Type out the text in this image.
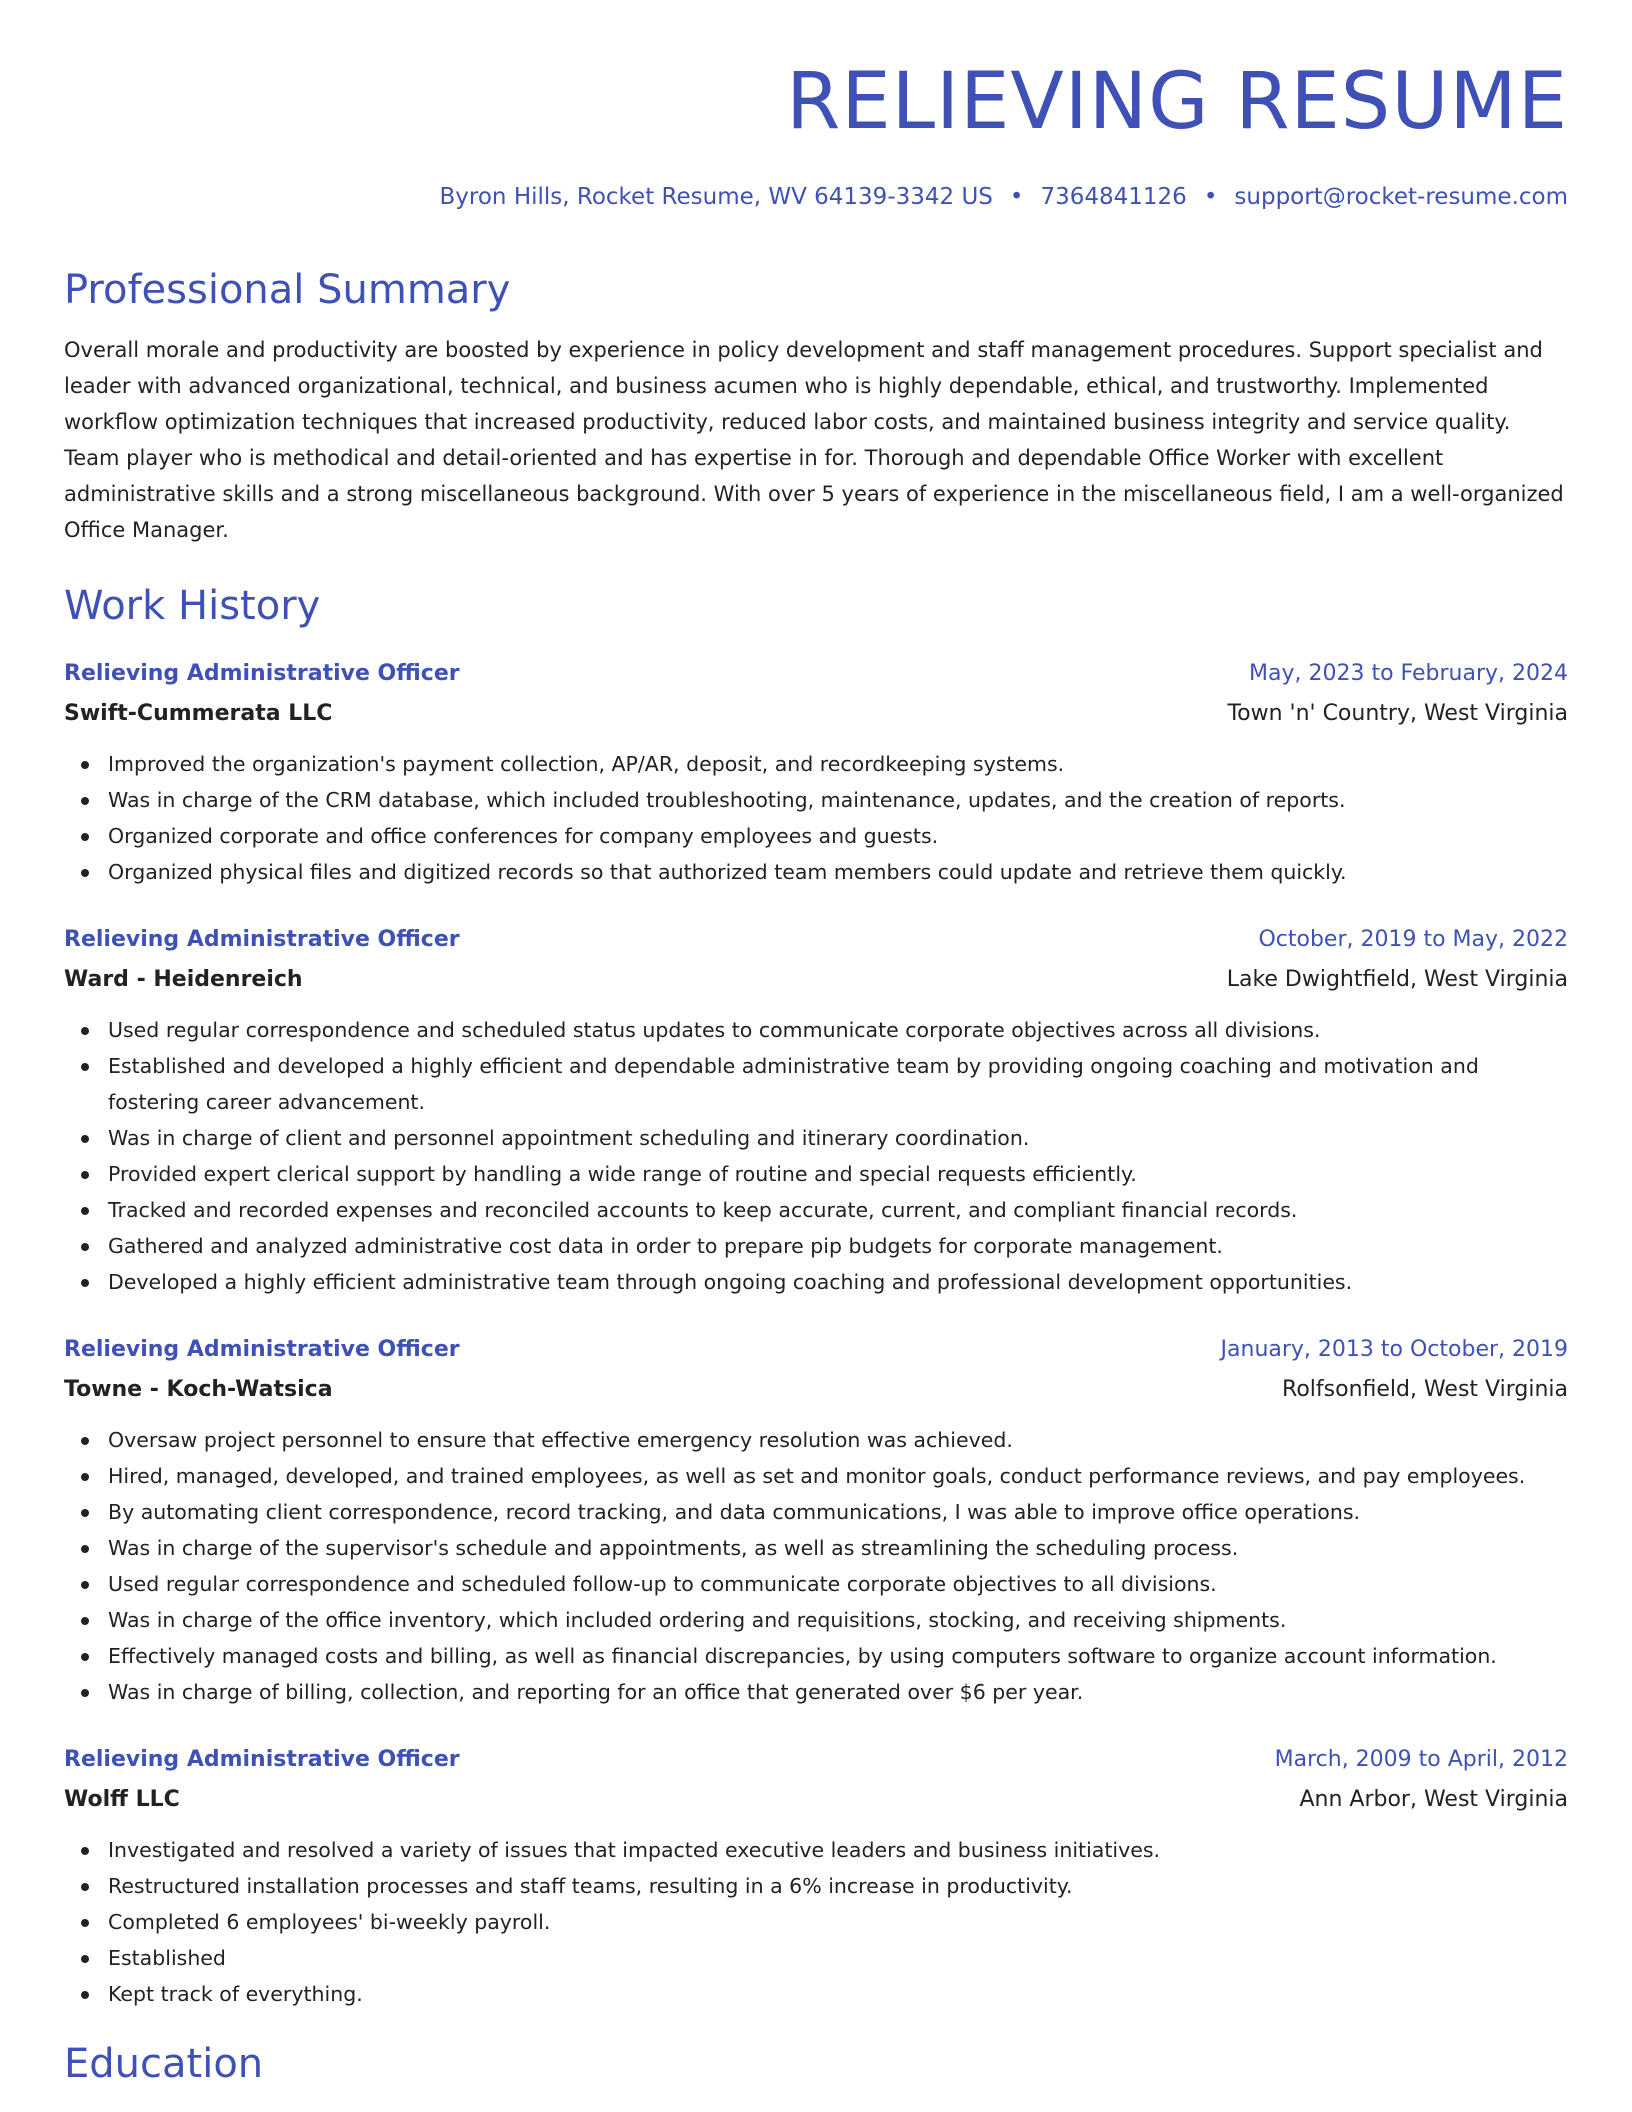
RELIEVING RESUME
Byron Hills, Rocket Resume, WV 64139-3342 US • 7364841126 • support@rocket-resume.com
Professional Summary

Overall morale and productivity are boosted by experience in policy development and staff management procedures. Support specialist and leader with advanced organizational, technical, and business acumen who is highly dependable, ethical, and trustworthy. Implemented workflow optimization techniques that increased productivity, reduced labor costs, and maintained business integrity and service quality. Team player who is methodical and detail-oriented and has expertise in for. Thorough and dependable Office Worker with excellent administrative skills and a strong miscellaneous background. With over 5 years of experience in the miscellaneous field, I am a well-organized Office Manager.

Work History
Relieving Administrative Officer	May, 2023 to February, 2024
Swift-Cummerata LLC	Town 'n' Country, West Virginia
Improved the organization's payment collection, AP/AR, deposit, and recordkeeping systems.
Was in charge of the CRM database, which included troubleshooting, maintenance, updates, and the creation of reports.
Organized corporate and office conferences for company employees and guests.
Organized physical files and digitized records so that authorized team members could update and retrieve them quickly.
Relieving Administrative Officer	October, 2019 to May, 2022
Ward - Heidenreich	Lake Dwightfield, West Virginia
Used regular correspondence and scheduled status updates to communicate corporate objectives across all divisions.
Established and developed a highly efficient and dependable administrative team by providing ongoing coaching and motivation and fostering career advancement.
Was in charge of client and personnel appointment scheduling and itinerary coordination.
Provided expert clerical support by handling a wide range of routine and special requests efficiently.
Tracked and recorded expenses and reconciled accounts to keep accurate, current, and compliant financial records.
Gathered and analyzed administrative cost data in order to prepare pip budgets for corporate management.
Developed a highly efficient administrative team through ongoing coaching and professional development opportunities.
Relieving Administrative Officer	January, 2013 to October, 2019
Towne - Koch-Watsica	Rolfsonfield, West Virginia
Oversaw project personnel to ensure that effective emergency resolution was achieved.
Hired, managed, developed, and trained employees, as well as set and monitor goals, conduct performance reviews, and pay employees.
By automating client correspondence, record tracking, and data communications, I was able to improve office operations.
Was in charge of the supervisor's schedule and appointments, as well as streamlining the scheduling process.
Used regular correspondence and scheduled follow-up to communicate corporate objectives to all divisions.
Was in charge of the office inventory, which included ordering and requisitions, stocking, and receiving shipments.
Effectively managed costs and billing, as well as financial discrepancies, by using computers software to organize account information.
Was in charge of billing, collection, and reporting for an office that generated over $6 per year.
Relieving Administrative Officer	March, 2009 to April, 2012
Wolff LLC	Ann Arbor, West Virginia
Investigated and resolved a variety of issues that impacted executive leaders and business initiatives.
Restructured installation processes and staff teams, resulting in a 6% increase in productivity.
Completed 6 employees' bi-weekly payroll.
Established
Kept track of everything.
Education
